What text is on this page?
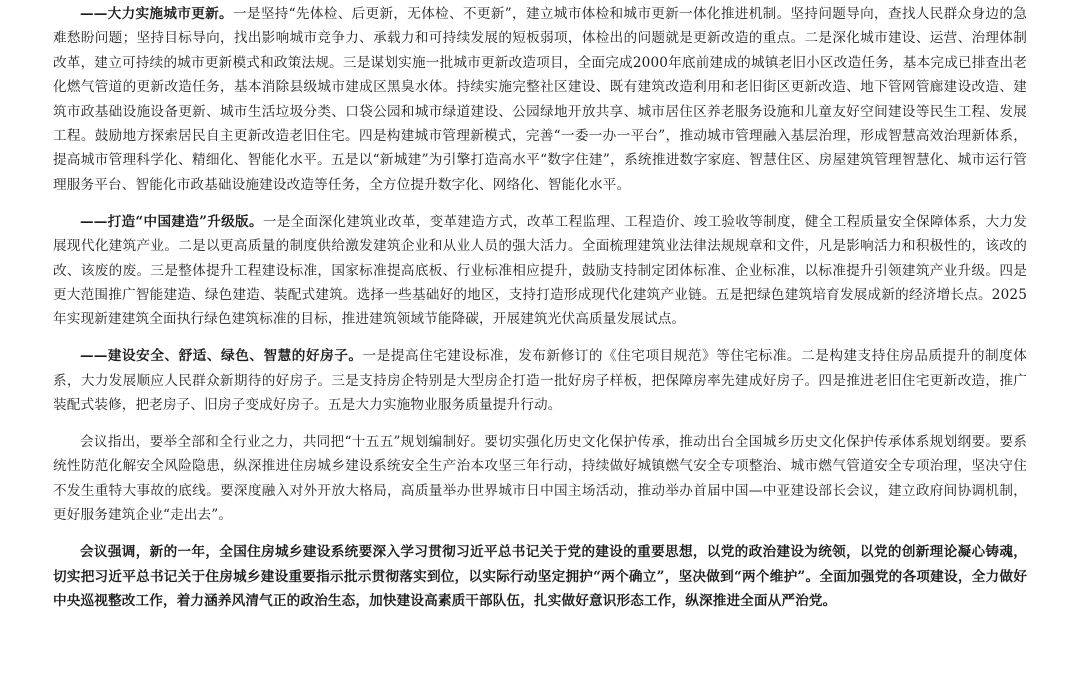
——大力实施城市更新。一是坚持“先体检、后更新，无体检、不更新”，建立城市体检和城市更新一体化推进机制。坚持问题导向，查找人民群众身边的急难愁盼问题；坚持目标导向，找出影响城市竞争力、承载力和可持续发展的短板弱项，体检出的问题就是更新改造的重点。二是深化城市建设、运营、治理体制改革，建立可持续的城市更新模式和政策法规。三是谋划实施一批城市更新改造项目，全面完成2000年底前建成的城镇老旧小区改造任务，基本完成已排查出老化燃气管道的更新改造任务，基本消除县级城市建成区黑臭水体。持续实施完整社区建设、既有建筑改造利用和老旧街区更新改造、地下管网管廊建设改造、建筑市政基础设施设备更新、城市生活垃圾分类、口袋公园和城市绿道建设、公园绿地开放共享、城市居住区养老服务设施和儿童友好空间建设等民生工程、发展工程。鼓励地方探索居民自主更新改造老旧住宅。四是构建城市管理新模式，完善“一委一办一平台”，推动城市管理融入基层治理，形成智慧高效治理新体系，提高城市管理科学化、精细化、智能化水平。五是以“新城建”为引擎打造高水平“数字住建”，系统推进数字家庭、智慧住区、房屋建筑管理智慧化、城市运行管理服务平台、智能化市政基础设施建设改造等任务，全方位提升数字化、网络化、智能化水平。

——打造“中国建造”升级版。一是全面深化建筑业改革，变革建造方式，改革工程监理、工程造价、竣工验收等制度，健全工程质量安全保障体系，大力发展现代化建筑产业。二是以更高质量的制度供给激发建筑企业和从业人员的强大活力。全面梳理建筑业法律法规规章和文件，凡是影响活力和积极性的，该改的改、该废的废。三是整体提升工程建设标准，国家标准提高底板、行业标准相应提升，鼓励支持制定团体标准、企业标准，以标准提升引领建筑产业升级。四是更大范围推广智能建造、绿色建造、装配式建筑。选择一些基础好的地区，支持打造形成现代化建筑产业链。五是把绿色建筑培育发展成新的经济增长点。2025年实现新建建筑全面执行绿色建筑标准的目标，推进建筑领域节能降碳，开展建筑光伏高质量发展试点。

——建设安全、舒适、绿色、智慧的好房子。一是提高住宅建设标准，发布新修订的《住宅项目规范》等住宅标准。二是构建支持住房品质提升的制度体系，大力发展顺应人民群众新期待的好房子。三是支持房企特别是大型房企打造一批好房子样板，把保障房率先建成好房子。四是推进老旧住宅更新改造，推广装配式装修，把老房子、旧房子变成好房子。五是大力实施物业服务质量提升行动。

会议指出，要举全部和全行业之力，共同把“十五五”规划编制好。要切实强化历史文化保护传承，推动出台全国城乡历史文化保护传承体系规划纲要。要系统性防范化解安全风险隐患，纵深推进住房城乡建设系统安全生产治本攻坚三年行动，持续做好城镇燃气安全专项整治、城市燃气管道安全专项治理，坚决守住不发生重特大事故的底线。要深度融入对外开放大格局，高质量举办世界城市日中国主场活动，推动举办首届中国—中亚建设部长会议，建立政府间协调机制，更好服务建筑企业“走出去”。

会议强调，新的一年，全国住房城乡建设系统要深入学习贯彻习近平总书记关于党的建设的重要思想，以党的政治建设为统领，以党的创新理论凝心铸魂，切实把习近平总书记关于住房城乡建设重要指示批示贯彻落实到位，以实际行动坚定拥护“两个确立”，坚决做到“两个维护”。全面加强党的各项建设，全力做好中央巡视整改工作，着力涵养风清气正的政治生态，加快建设高素质干部队伍，扎实做好意识形态工作，纵深推进全面从严治党。
